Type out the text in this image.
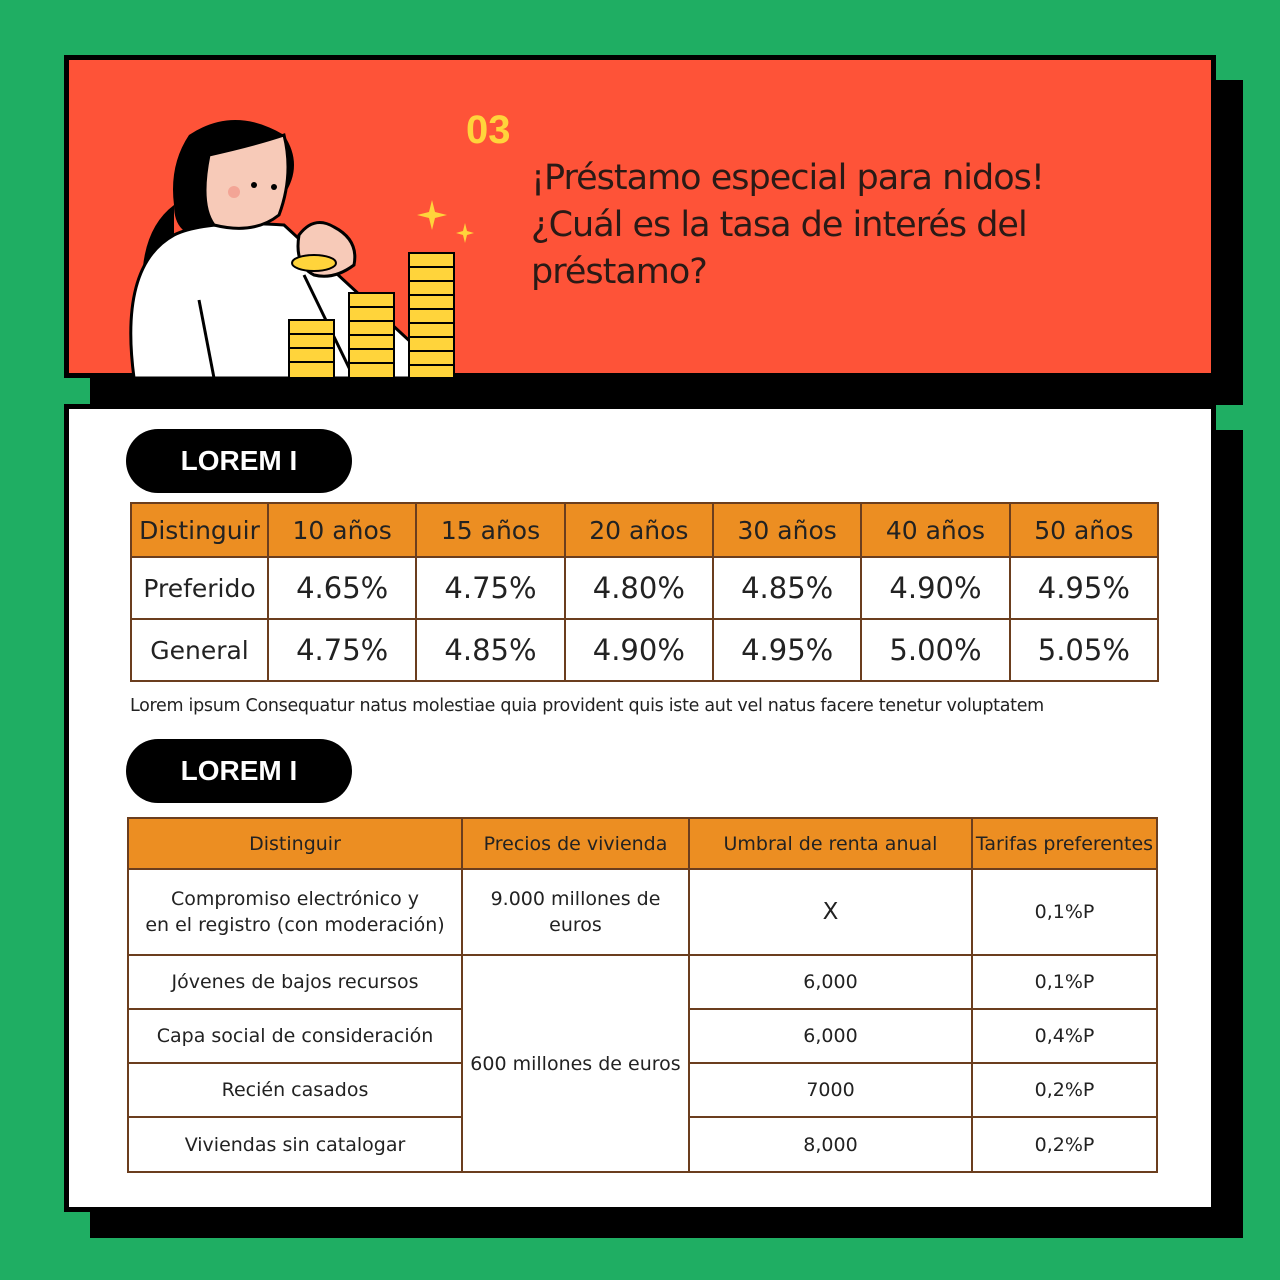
03
¡Préstamo especial para nidos!
¿Cuál es la tasa de interés del
préstamo?
LOREM I
Distinguir	10 años	15 años	20 años	30 años	40 años	50 años
Preferido	4.65%	4.75%	4.80%	4.85%	4.90%	4.95%
General	4.75%	4.85%	4.90%	4.95%	5.00%	5.05%
Lorem ipsum Consequatur natus molestiae quia provident quis iste aut vel natus facere tenetur voluptatem
LOREM I
Distinguir	Precios de vivienda	Umbral de renta anual	Tarifas preferentes

Compromiso electrónico y
en el registro (con moderación)	9.000 millones de euros	X	0,1%P
Jóvenes de bajos recursos	600 millones de euros	6,000	0,1%P
Capa social de consideración		6,000	0,4%P
Recién casados		7000	0,2%P
Viviendas sin catalogar		8,000	0,2%P
